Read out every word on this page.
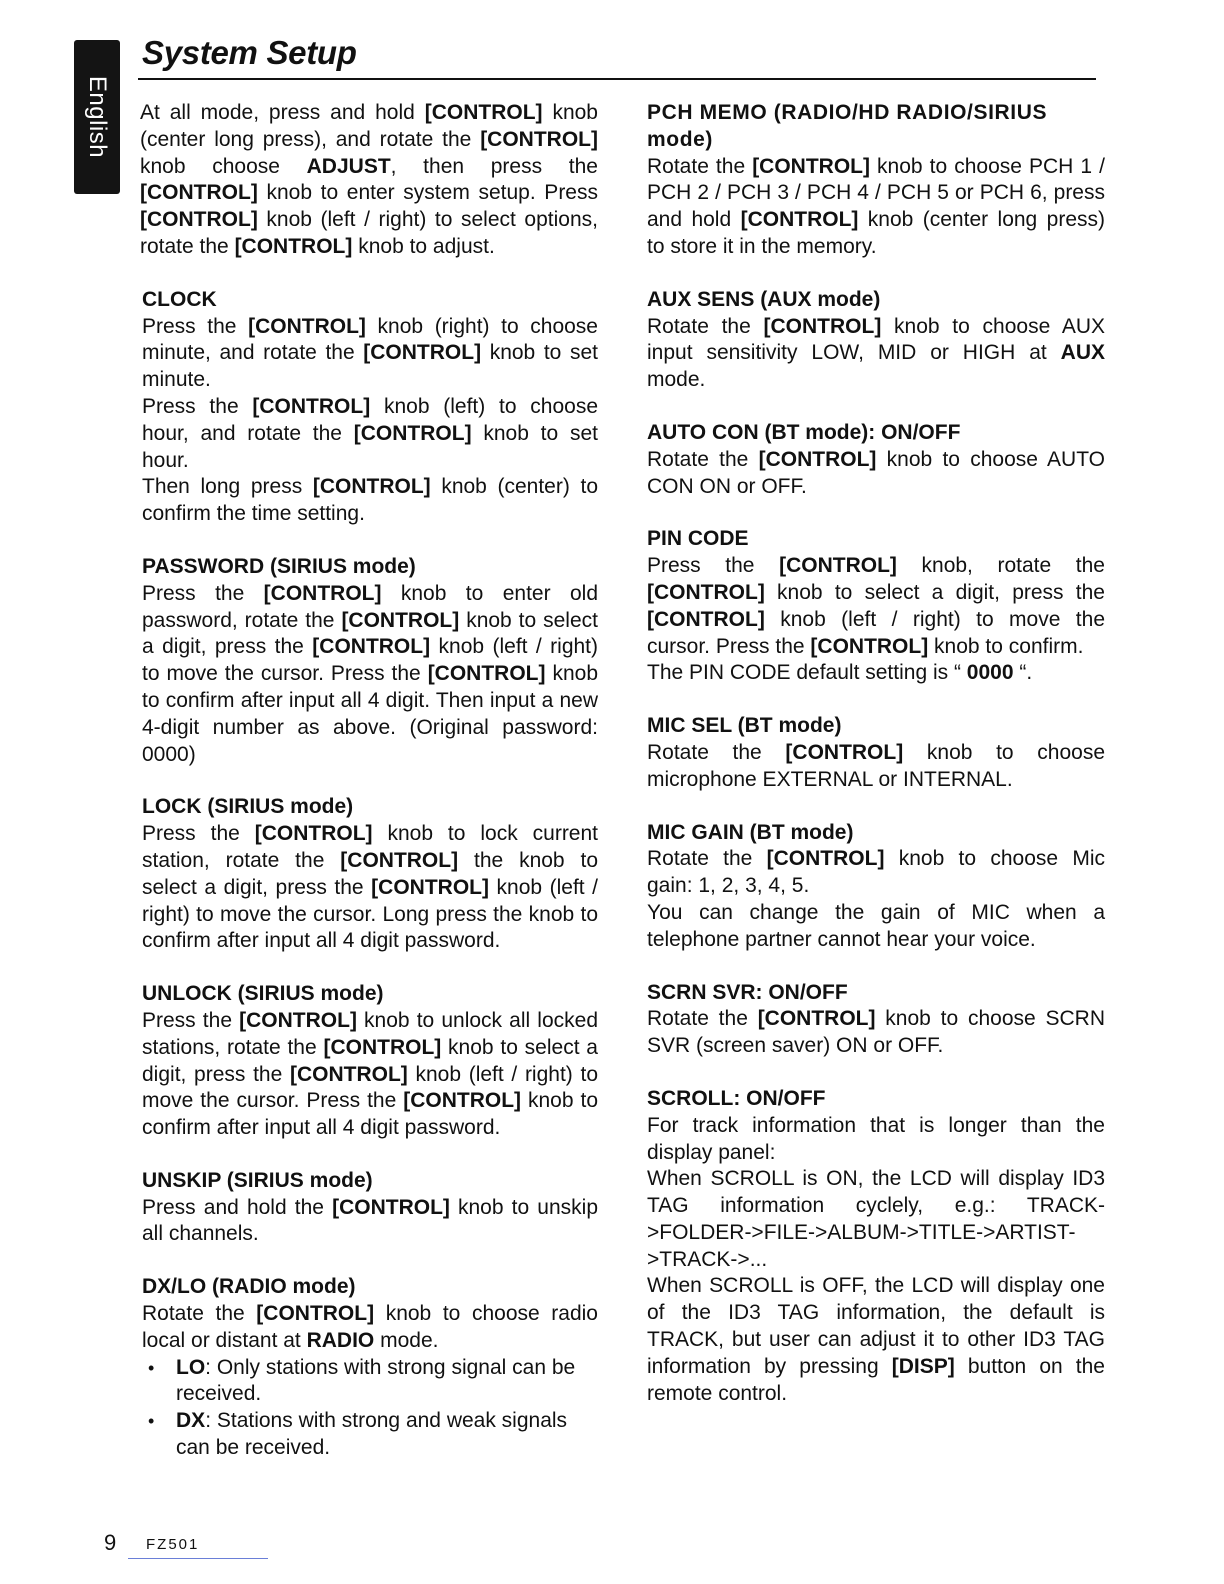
English
System Setup

At all mode, press and hold [CONTROL] knob (center long press), and rotate the [CONTROL] knob choose ADJUST, then press the [CONTROL] knob to enter system setup. Press [CONTROL] knob (left / right) to select options, rotate the [CONTROL] knob to adjust.

CLOCK

Press the [CONTROL] knob (right) to choose minute, and rotate the [CONTROL] knob to set minute.

Press the [CONTROL] knob (left) to choose hour, and rotate the [CONTROL] knob to set hour.

Then long press [CONTROL] knob (center) to confirm the time setting.

PASSWORD (SIRIUS mode)

Press the [CONTROL] knob to enter old password, rotate the [CONTROL] knob to select a digit, press the [CONTROL] knob (left / right) to move the cursor. Press the [CONTROL] knob to confirm after input all 4 digit. Then input a new 4-digit number as above. (Original password: 0000)

LOCK (SIRIUS mode)

Press the [CONTROL] knob to lock current station, rotate the [CONTROL] the knob to select a digit, press the [CONTROL] knob (left / right) to move the cursor. Long press the knob to confirm after input all 4 digit password.

UNLOCK (SIRIUS mode)

Press the [CONTROL] knob to unlock all locked stations, rotate the [CONTROL] knob to select a digit, press the [CONTROL] knob (left / right) to move the cursor. Press the [CONTROL] knob to confirm after input all 4 digit password.

UNSKIP (SIRIUS mode)

Press and hold the [CONTROL] knob to unskip all channels.

DX/LO (RADIO mode)

Rotate the [CONTROL] knob to choose radio local or distant at RADIO mode.

• LO: Only stations with strong signal can be received.
• DX: Stations with strong and weak signals can be received.
PCH MEMO (RADIO/HD RADIO/SIRIUS mode)

Rotate the [CONTROL] knob to choose PCH 1 / PCH 2 / PCH 3 / PCH 4 / PCH 5 or PCH 6, press and hold [CONTROL] knob (center long press) to store it in the memory.

AUX SENS (AUX mode)

Rotate the [CONTROL] knob to choose AUX input sensitivity LOW, MID or HIGH at AUX mode.

AUTO CON (BT mode): ON/OFF

Rotate the [CONTROL] knob to choose AUTO CON ON or OFF.

PIN CODE

Press the [CONTROL] knob, rotate the [CONTROL] knob to select a digit, press the [CONTROL] knob (left / right) to move the cursor. Press the [CONTROL] knob to confirm.

The PIN CODE default setting is “ 0000 “.

MIC SEL (BT mode)

Rotate the [CONTROL] knob to choose microphone EXTERNAL or INTERNAL.

MIC GAIN (BT mode)

Rotate the [CONTROL] knob to choose Mic gain: 1, 2, 3, 4, 5.

You can change the gain of MIC when a telephone partner cannot hear your voice.

SCRN SVR: ON/OFF

Rotate the [CONTROL] knob to choose SCRN SVR (screen saver) ON or OFF.

SCROLL: ON/OFF

For track information that is longer than the display panel:

When SCROLL is ON, the LCD will display ID3 TAG information cyclely, e.g.: TRACK->FOLDER->FILE->ALBUM->TITLE->ARTIST->TRACK->...

When SCROLL is OFF, the LCD will display one of the ID3 TAG information, the default is TRACK, but user can adjust it to other ID3 TAG information by pressing [DISP] button on the remote control.

9 FZ501
